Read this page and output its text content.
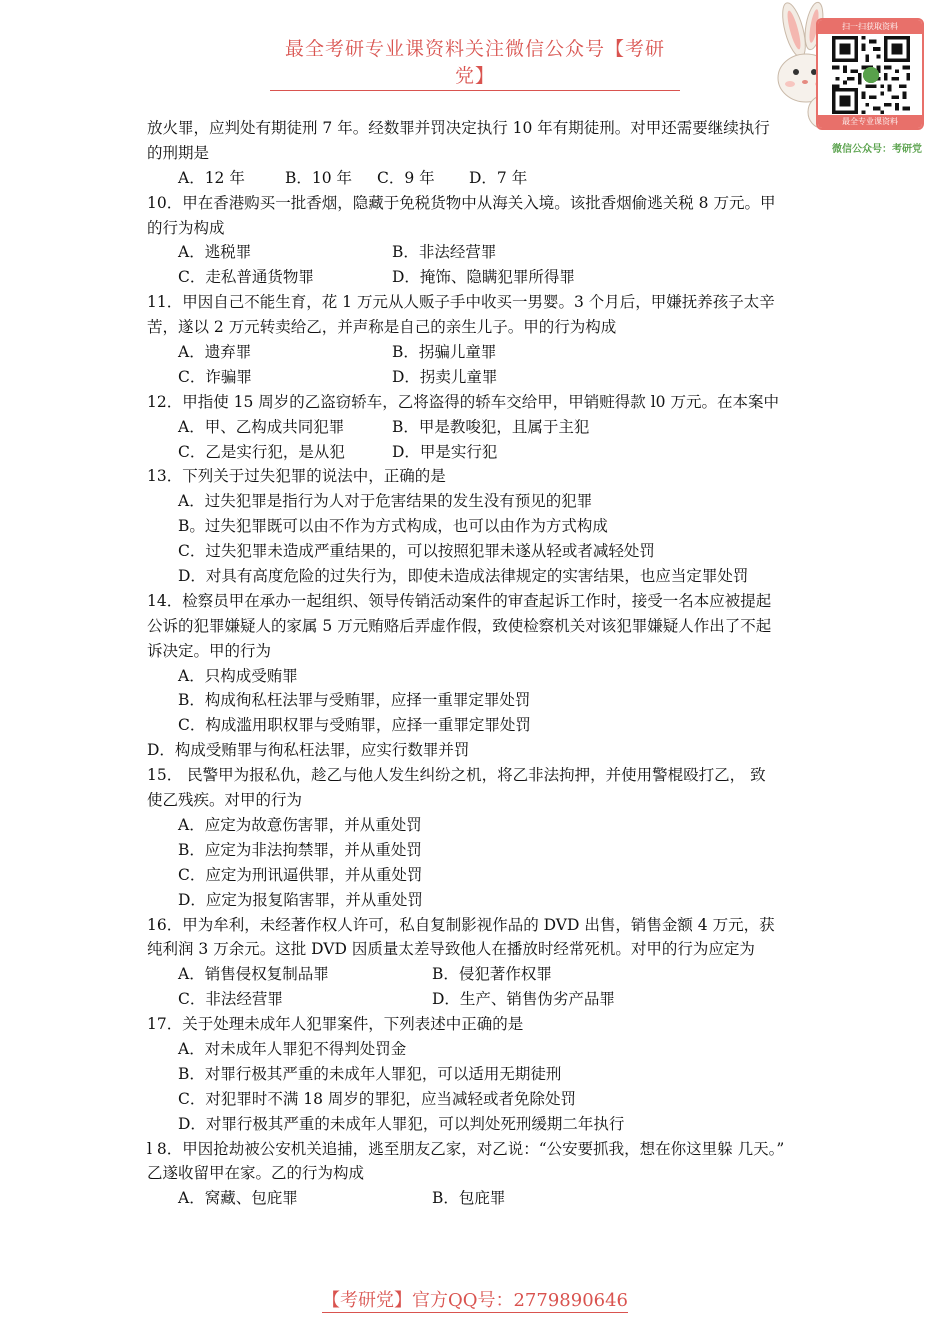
最全考研专业课资料关注微信公众号【考研党】
扫一扫获取资料
最全专业课资料
微信公众号：考研党
放火罪，应判处有期徒刑 7 年。经数罪并罚决定执行 10 年有期徒刑。对甲还需要继续执行
的刑期是
A．12 年	B．10 年 C．9 年 D．7 年
10．甲在香港购买一批香烟，隐藏于免税货物中从海关入境。该批香烟偷逃关税 8 万元。甲
的行为构成
A．逃税罪	B．非法经营罪
C．走私普通货物罪	D．掩饰、隐瞒犯罪所得罪
11．甲因自己不能生育，花 1 万元从人贩子手中收买一男婴。3 个月后，甲嫌抚养孩子太辛
苦，遂以 2 万元转卖给乙，并声称是自己的亲生儿子。甲的行为构成
A．遗弃罪	B．拐骗儿童罪
C．诈骗罪	D．拐卖儿童罪
12．甲指使 15 周岁的乙盗窃轿车，乙将盗得的轿车交给甲，甲销赃得款 l0 万元。在本案中
A．甲、乙构成共同犯罪	B．甲是教唆犯，且属于主犯
C．乙是实行犯，是从犯	D．甲是实行犯
13．下列关于过失犯罪的说法中，正确的是
A．过失犯罪是指行为人对于危害结果的发生没有预见的犯罪
B。过失犯罪既可以由不作为方式构成，也可以由作为方式构成
C．过失犯罪未造成严重结果的，可以按照犯罪未遂从轻或者减轻处罚
D．对具有高度危险的过失行为，即使未造成法律规定的实害结果，也应当定罪处罚
14．检察员甲在承办一起组织、领导传销活动案件的审查起诉工作时，接受一名本应被提起
公诉的犯罪嫌疑人的家属 5 万元贿赂后弄虚作假，致使检察机关对该犯罪嫌疑人作出了不起
诉决定。甲的行为
A．只构成受贿罪
B．构成徇私枉法罪与受贿罪，应择一重罪定罪处罚
C．构成滥用职权罪与受贿罪，应择一重罪定罪处罚
D．构成受贿罪与徇私枉法罪，应实行数罪并罚
15． 民警甲为报私仇，趁乙与他人发生纠纷之机，将乙非法拘押，并使用警棍殴打乙， 致
使乙残疾。对甲的行为
A．应定为故意伤害罪，并从重处罚
B．应定为非法拘禁罪，并从重处罚
C．应定为刑讯逼供罪，并从重处罚
D．应定为报复陷害罪，并从重处罚
16．甲为牟利，未经著作权人许可，私自复制影视作品的 DVD 出售，销售金额 4 万元，获
纯利润 3 万余元。这批 DVD 因质量太差导致他人在播放时经常死机。对甲的行为应定为
A．销售侵权复制品罪	B．侵犯著作权罪
C．非法经营罪	D．生产、销售伪劣产品罪
17．关于处理未成年人犯罪案件，下列表述中正确的是
A．对未成年人罪犯不得判处罚金
B．对罪行极其严重的未成年人罪犯，可以适用无期徒刑
C．对犯罪时不满 18 周岁的罪犯，应当减轻或者免除处罚
D．对罪行极其严重的未成年人罪犯，可以判处死刑缓期二年执行
l 8．甲因抢劫被公安机关追捕，逃至朋友乙家，对乙说：“公安要抓我，想在你这里躲 几天。”
乙遂收留甲在家。乙的行为构成
A．窝藏、包庇罪	B．包庇罪
【考研党】官方QQ号：2779890646
